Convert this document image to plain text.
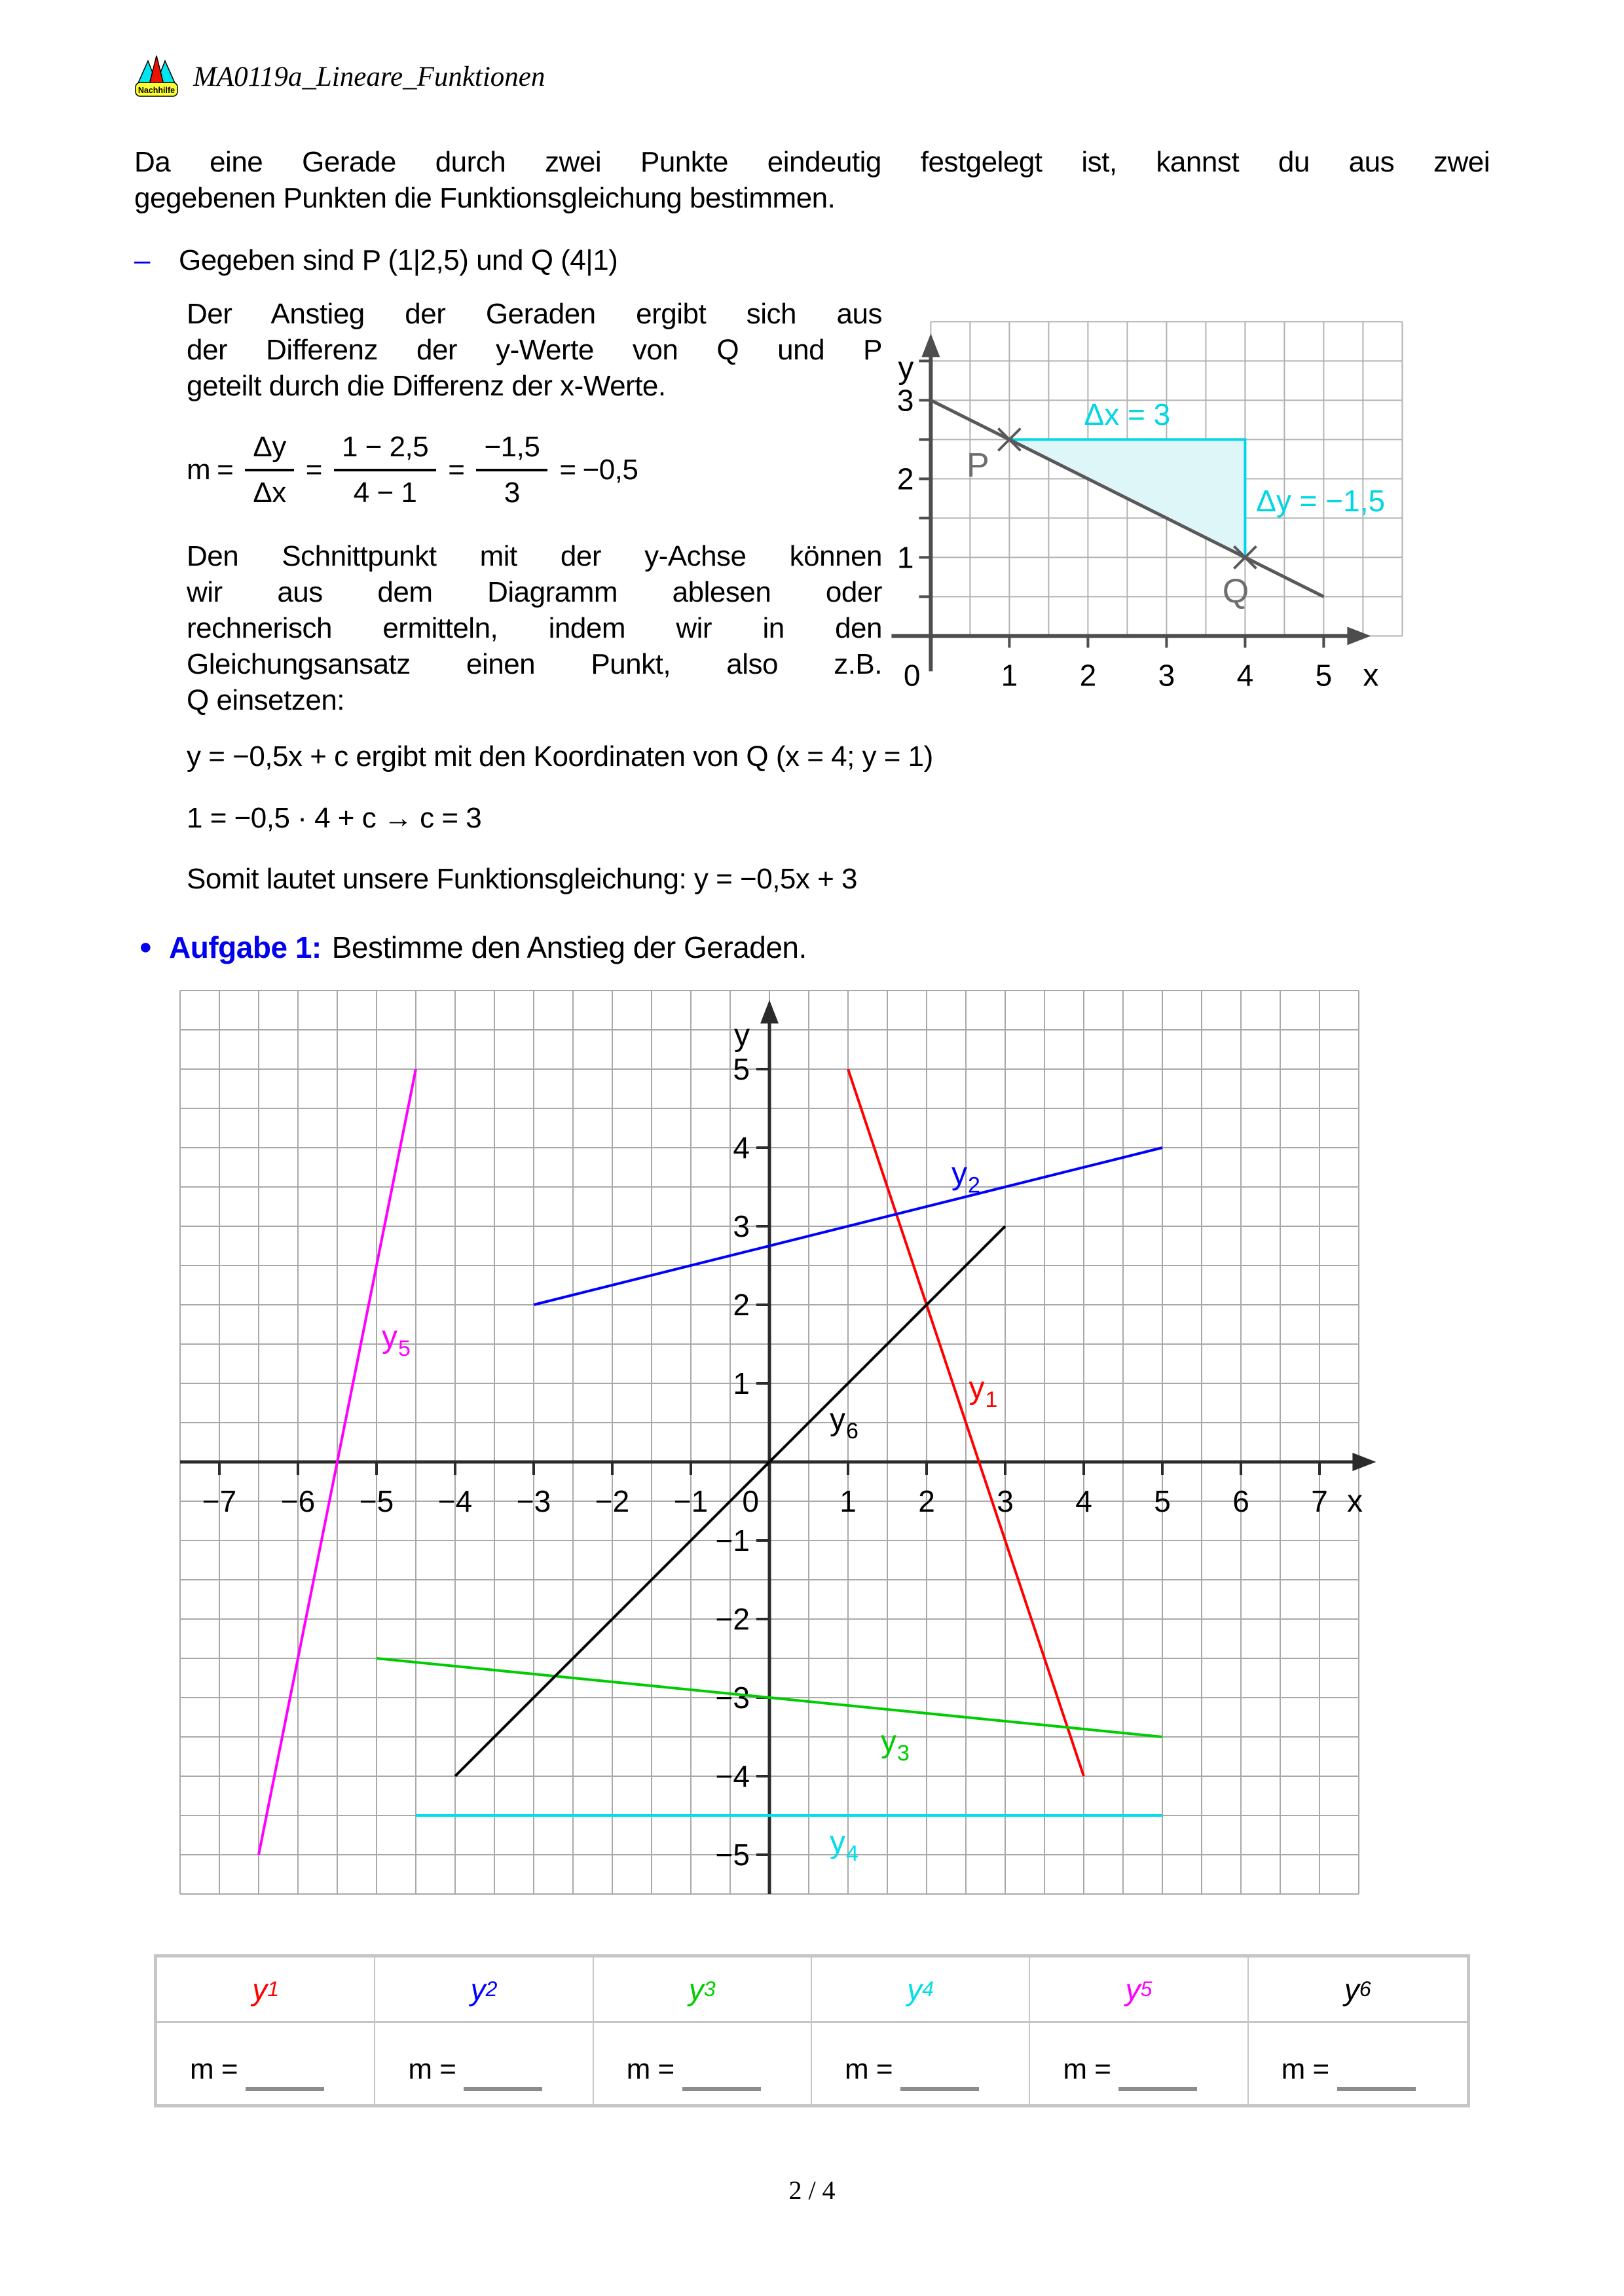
Nachhilfe MA0119a_Lineare_Funktionen
Da eine Gerade durch zwei Punkte eindeutig festgelegt ist, kannst du aus zwei
gegebenen Punkten die Funktionsgleichung bestimmen.
– Gegeben sind P (1|2,5) und Q (4|1)
Der Anstieg der Geraden ergibt sich aus
der Differenz der y-Werte von Q und P
geteilt durch die Differenz der x-Werte.
$m = \frac{\Delta y}{\Delta x} = \frac{1 - 2,5}{4 - 1} = \frac{-1,5}{3} = -0,5$
Den Schnittpunkt mit der y-Achse können
wir aus dem Diagramm ablesen oder
rechnerisch ermitteln, indem wir in den
Gleichungsansatz einen Punkt, also z.B.
Q einsetzen:
y = −0,5x + c ergibt mit den Koordinaten von Q (x = 4; y = 1)
1 = −0,5 · 4 + c → c = 3
Somit lautet unsere Funktionsgleichung: y = −0,5x + 3
● Aufgabe 1: Bestimme den Anstieg der Geraden.
1 2 3 4 5
1
2
3
x
y
0
P
Q
Δx = 3
Δy = −1,5
−7 −6 −5 −4 −3 −2 −1	1 2 3 4 5 6 7
−5
−4
−3
−2
−1
1
2
3
4
5
x
y
0
$y_1$
$y_2$
$y_3$
$y_4$
$y_5$
$y_6$
y 1	y 2	y 3	y 4	y 5	y 6
m =	m =	m =	m =	m =	m =
2 / 4
